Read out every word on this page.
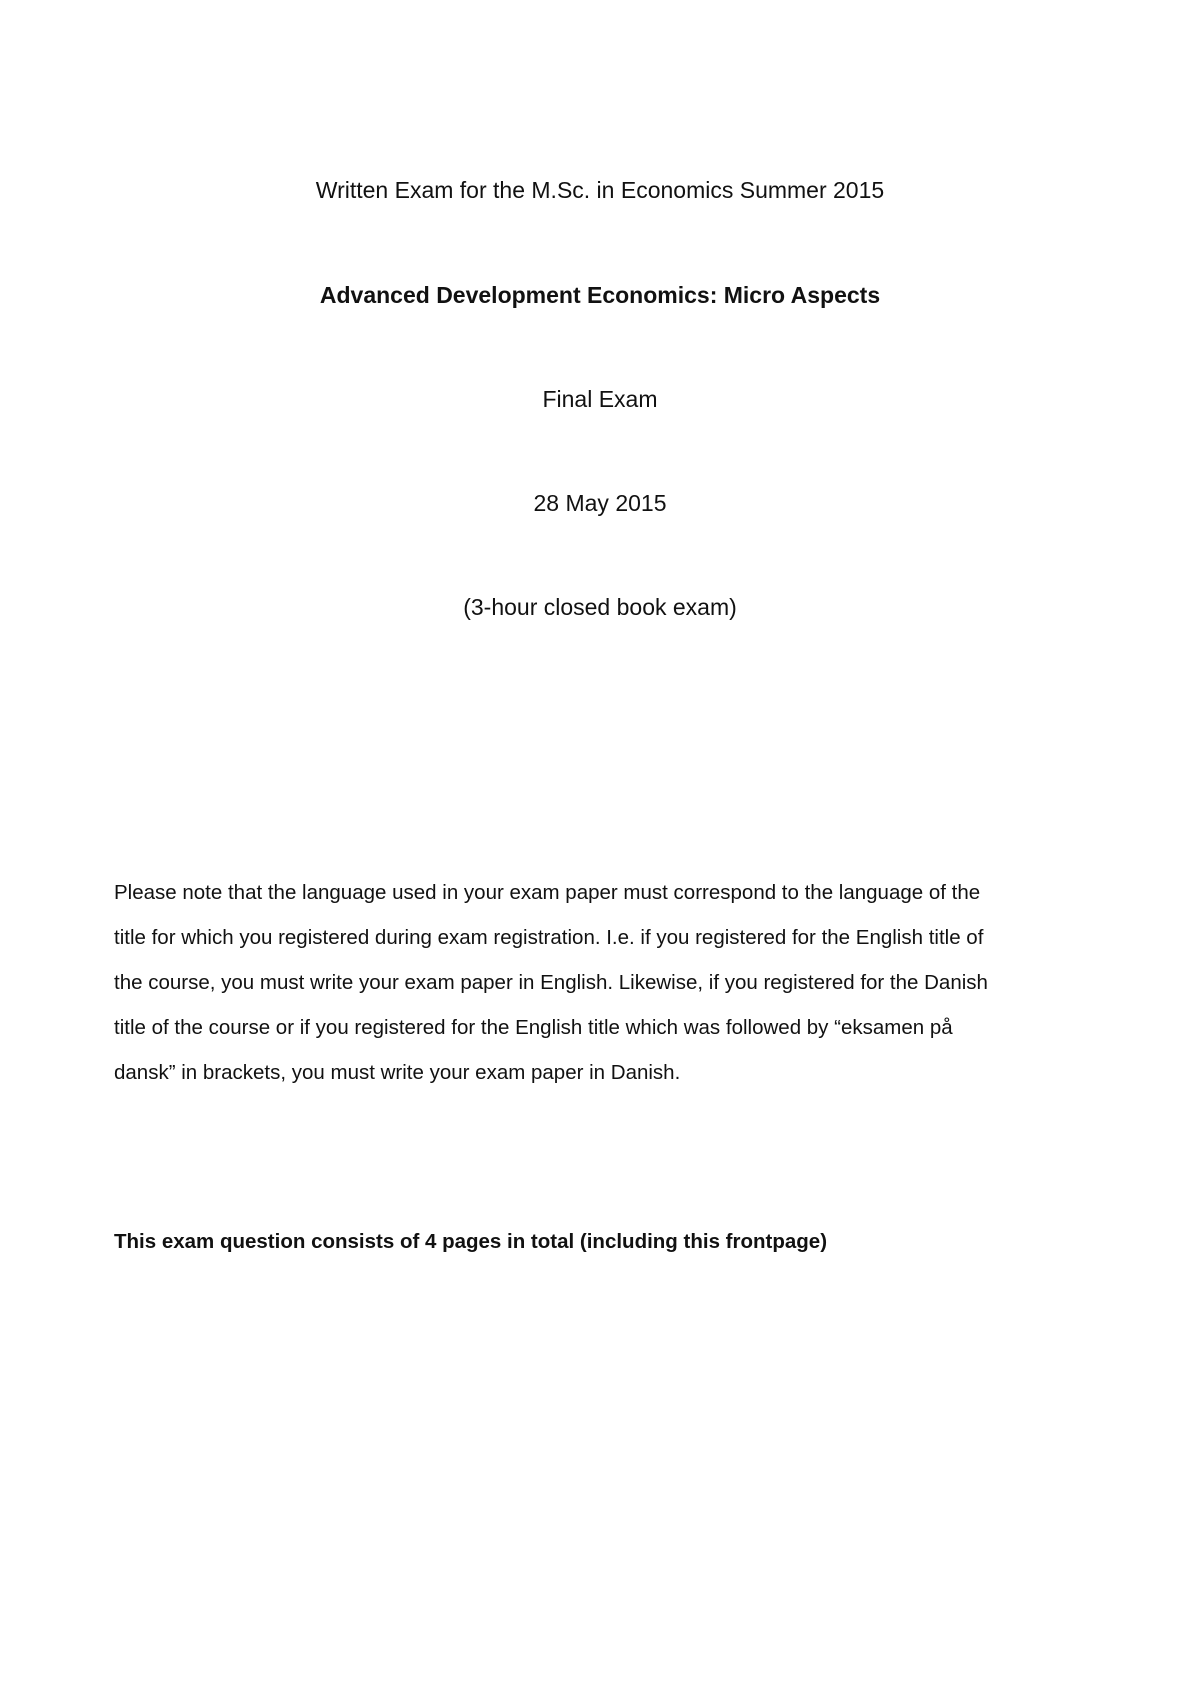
Written Exam for the M.Sc. in Economics Summer 2015
Advanced Development Economics: Micro Aspects
Final Exam
28 May 2015
(3-hour closed book exam)
Please note that the language used in your exam paper must correspond to the language of the
title for which you registered during exam registration. I.e. if you registered for the English title of
the course, you must write your exam paper in English. Likewise, if you registered for the Danish
title of the course or if you registered for the English title which was followed by “eksamen på
dansk” in brackets, you must write your exam paper in Danish.
This exam question consists of 4 pages in total (including this frontpage)
